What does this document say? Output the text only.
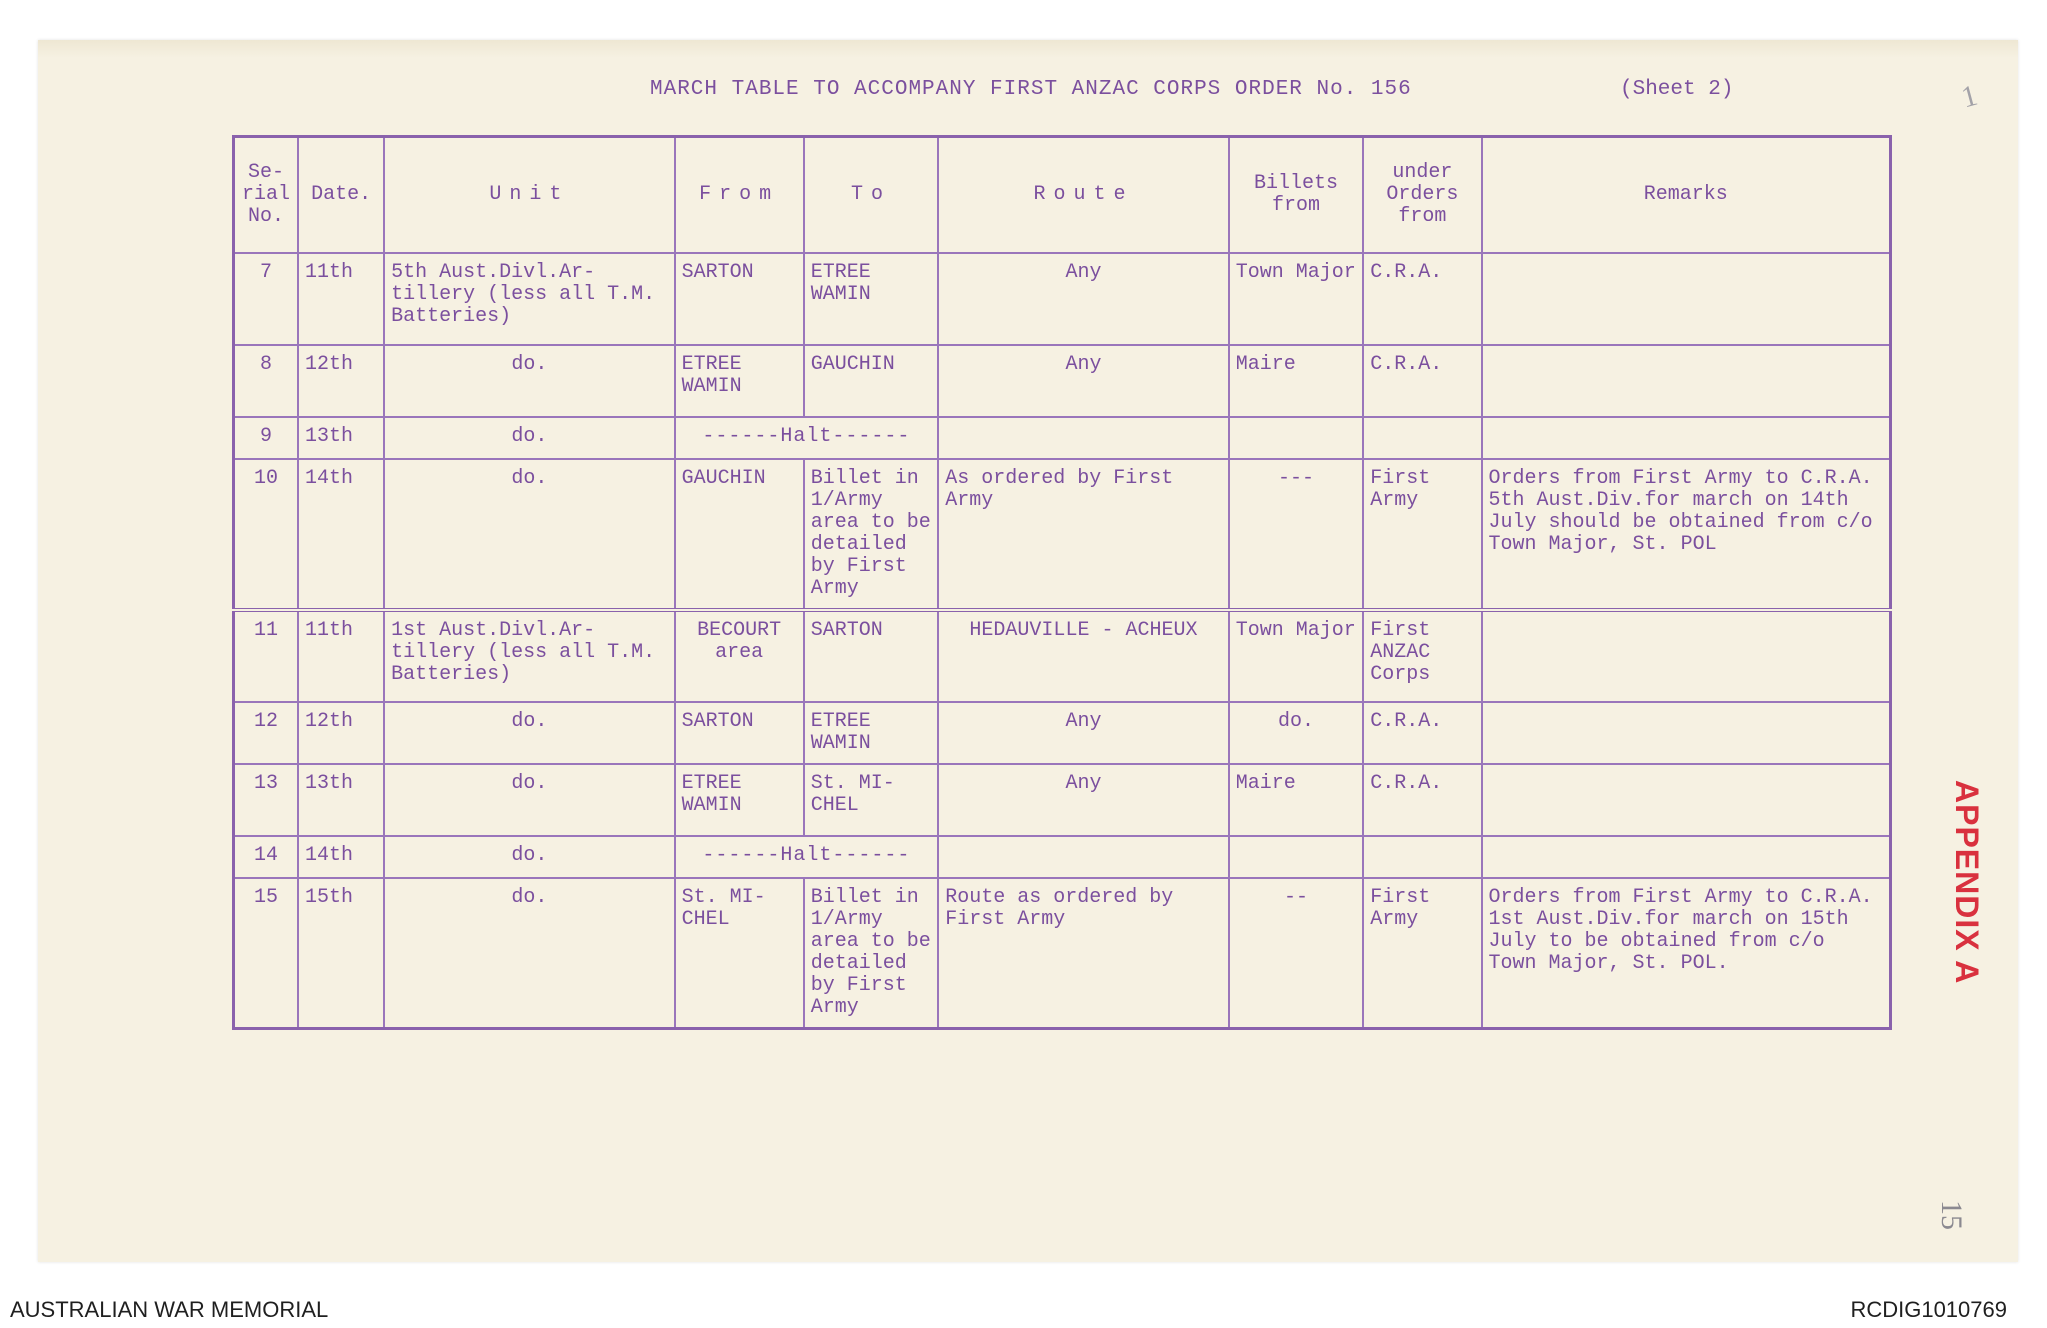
MARCH TABLE TO ACCOMPANY FIRST ANZAC CORPS ORDER No. 156	(Sheet 2)	1
Se-rial No.	Date.	Unit	From	To	Route	Billets from	under Orders from	Remarks
7	11th	5th Aust.Divl.Ar-tillery (less all T.M. Batteries)	SARTON	ETREE WAMIN	Any	Town Major	C.R.A.	
8	12th	do.	ETREE WAMIN	GAUCHIN	Any	Maire	C.R.A.	
9	13th	do.	------Halt------					
10	14th	do.	GAUCHIN	Billet in 1/Army area to be detailed by First Army	As ordered by First Army	---	First Army	Orders from First Army to C.R.A. 5th Aust.Div.for march on 14th July should be obtained from c/o Town Major, St. POL
11	11th	1st Aust.Divl.Ar-tillery (less all T.M. Batteries)	BECOURT area	SARTON	HEDAUVILLE - ACHEUX	Town Major	First ANZAC Corps	
12	12th	do.	SARTON	ETREE WAMIN	Any	do.	C.R.A.	
13	13th	do.	ETREE WAMIN	St. MI-CHEL	Any	Maire	C.R.A.	
14	14th	do.	------Halt------					
15	15th	do.	St. MI-CHEL	Billet in 1/Army area to be detailed by First Army	Route as ordered by First Army	--	First Army	Orders from First Army to C.R.A. 1st Aust.Div.for march on 15th July to be obtained from c/o Town Major, St. POL.	APPENDIX A
15
AUSTRALIAN WAR MEMORIAL	RCDIG1010769
